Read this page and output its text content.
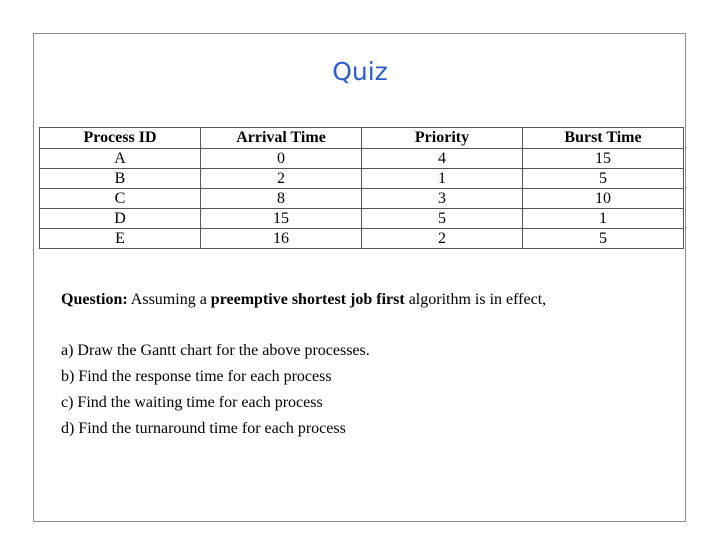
Quiz
Process ID	Arrival Time	Priority	Burst Time
A	0	4	15
B	2	1	5
C	8	3	10
D	15	5	1
E	16	2	5
Question: Assuming a preemptive shortest job first algorithm is in effect,
a) Draw the Gantt chart for the above processes.
b) Find the response time for each process
c) Find the waiting time for each process
d) Find the turnaround time for each process
